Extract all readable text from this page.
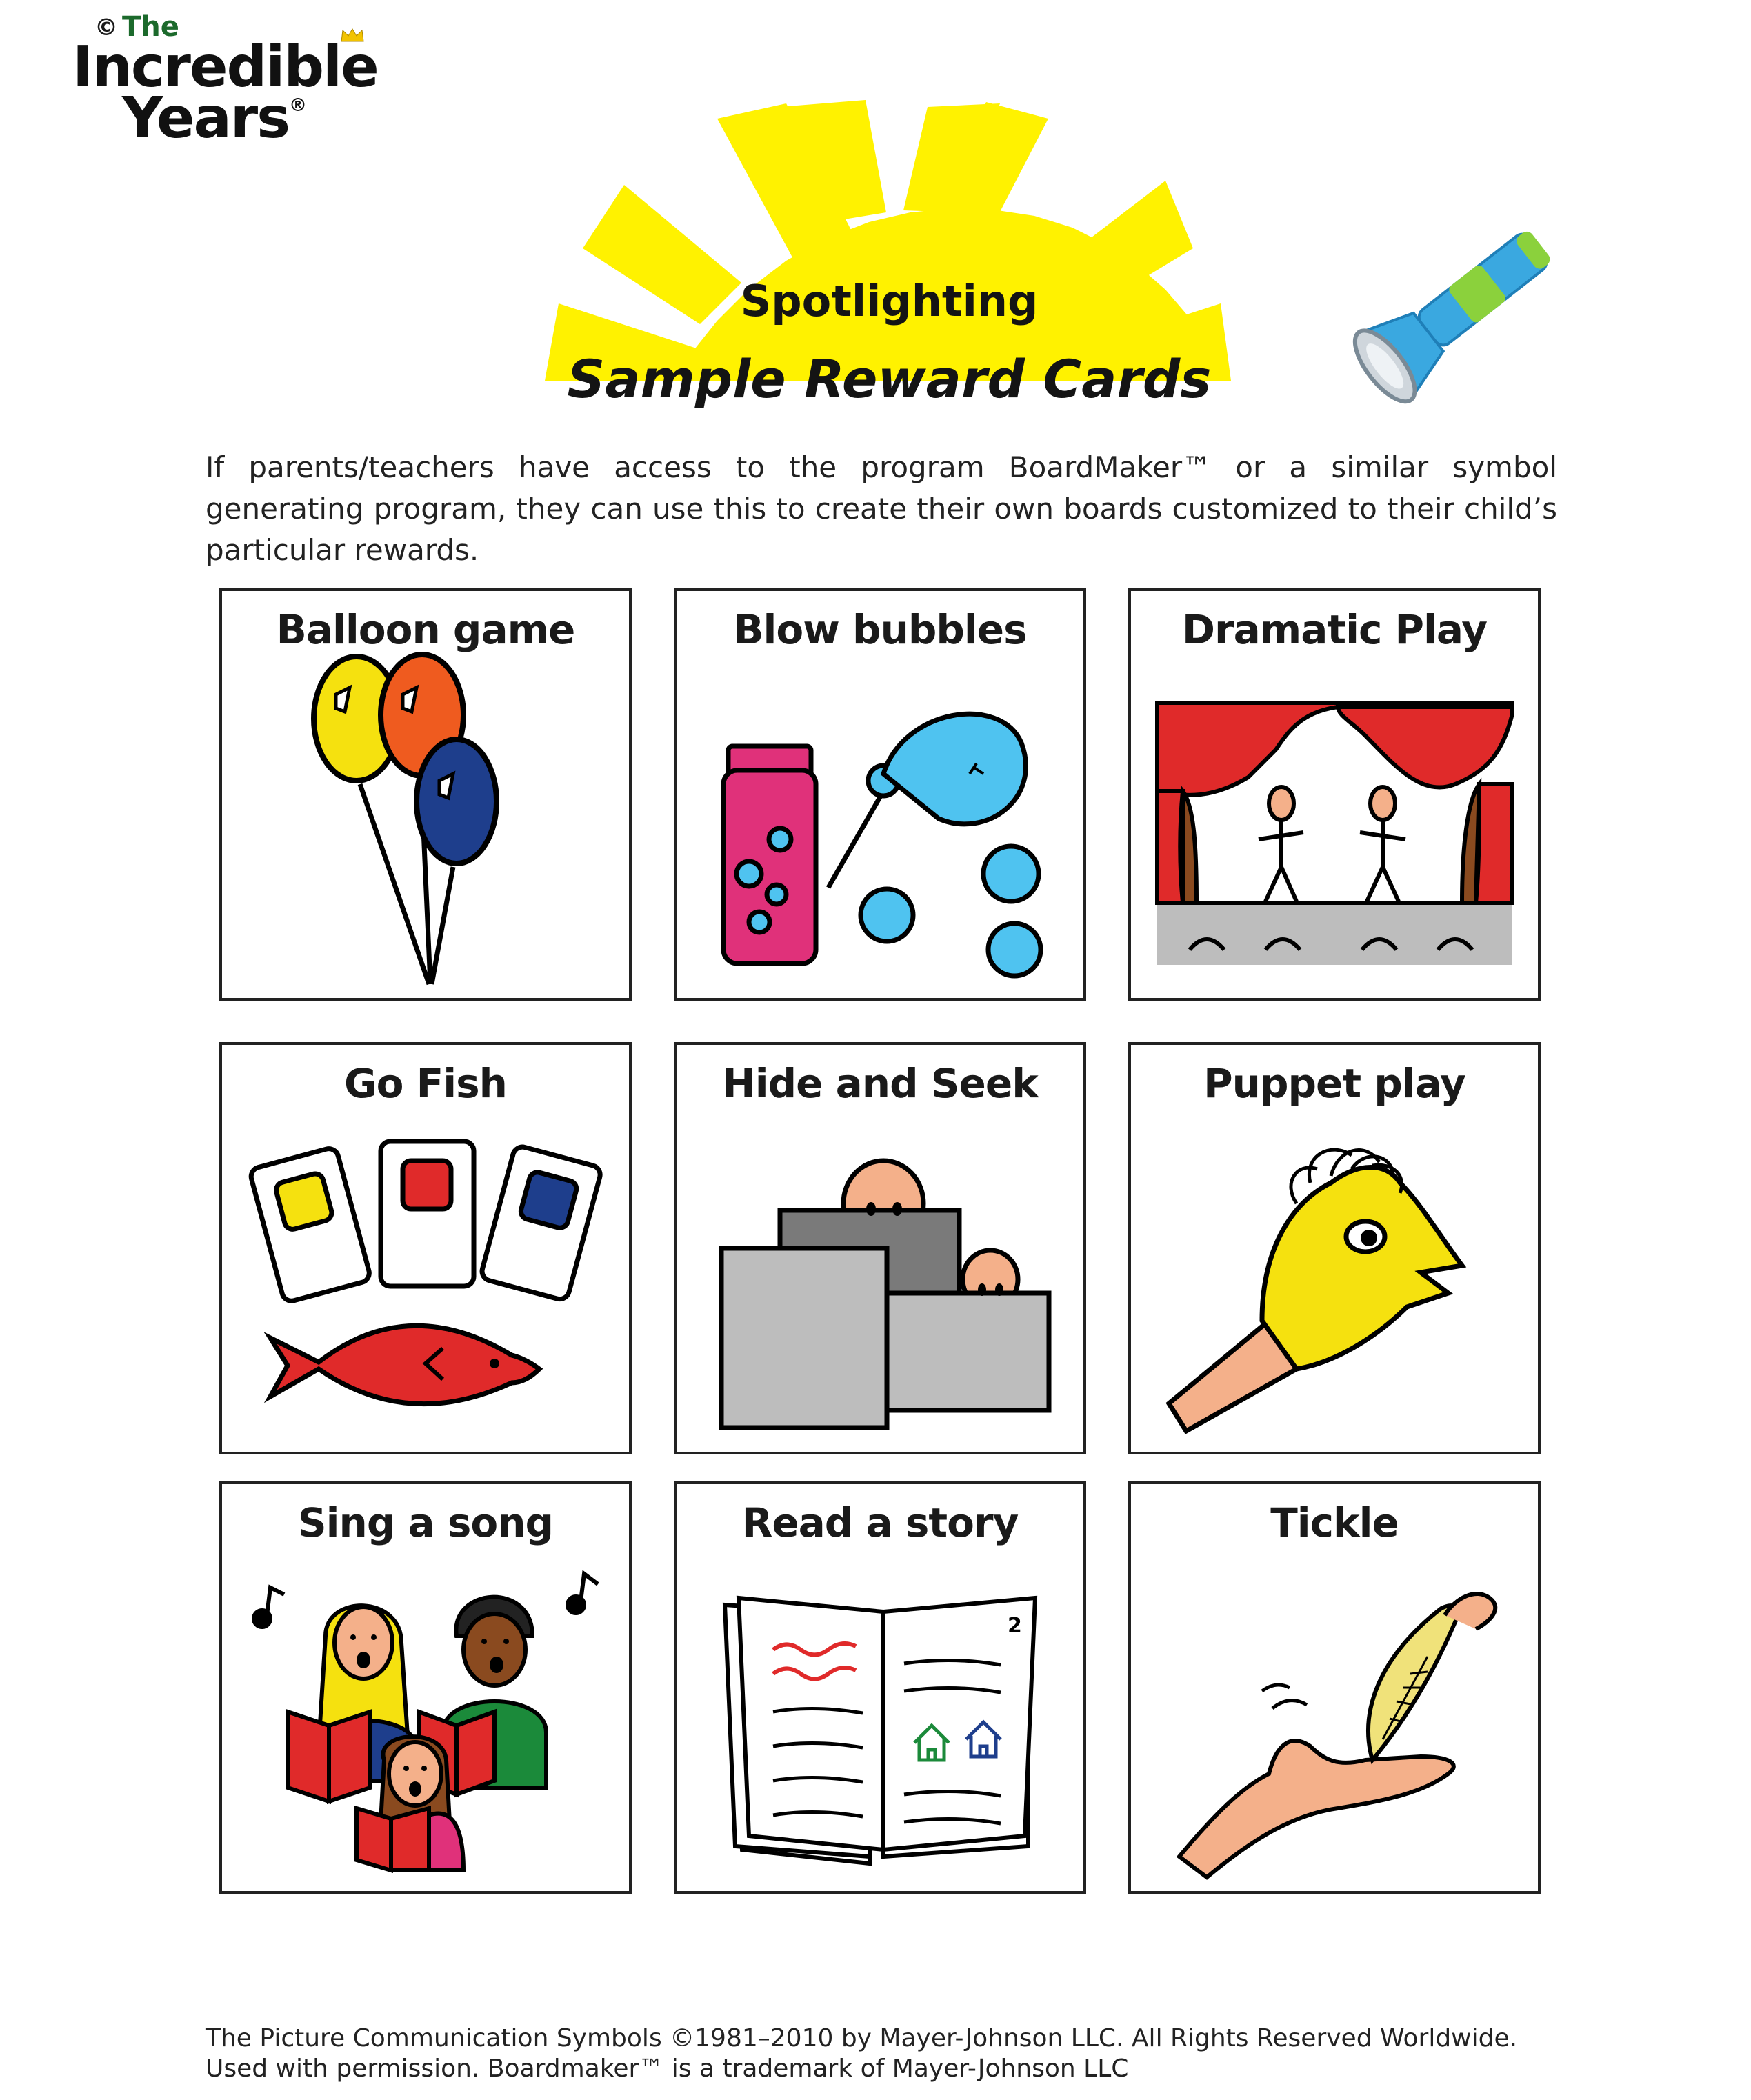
© The
Incredible
Years®
Spotlighting
Sample Reward Cards
If parents/teachers have access to the program BoardMaker™ or a similar symbol generating program, they can use this to create their own boards customized to their child’s particular rewards.
Balloon game	Blow bubbles	Dramatic Play
Go Fish	Hide and Seek	Puppet play
Sing a song	Read a story
2
Tickle
The Picture Communication Symbols ©1981–2010 by Mayer-Johnson LLC. All Rights Reserved Worldwide. Used with permission. Boardmaker™ is a trademark of Mayer-Johnson LLC
